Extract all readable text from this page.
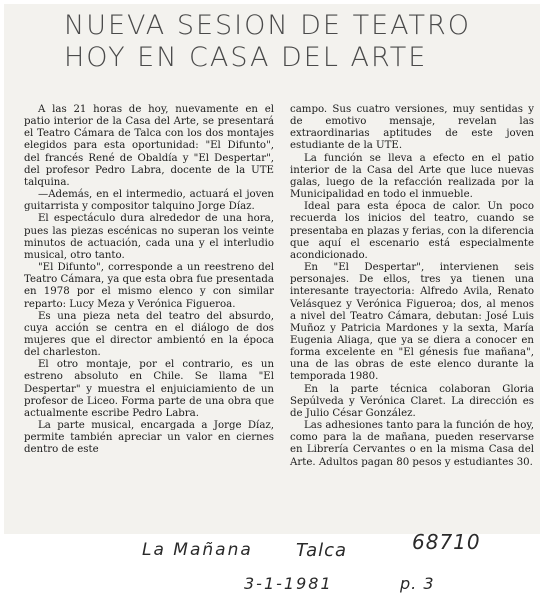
NUEVA SESION DE TEATRO
HOY EN CASA DEL ARTE

A las 21 horas de hoy, nuevamente en el patio interior de la Casa del Arte, se presentará el Teatro Cámara de Talca con los dos montajes elegidos para esta oportunidad: "El Difunto", del francés René de Obaldía y "El Despertar", del profesor Pedro Labra, docente de la UTE talquina.

—Además, en el intermedio, actuará el joven guitarrista y compositor talquino Jorge Díaz.

El espectáculo dura alrededor de una hora, pues las piezas escénicas no superan los veinte minutos de actuación, cada una y el interludio musical, otro tanto.

"El Difunto", corresponde a un reestreno del Teatro Cámara, ya que esta obra fue presentada en 1978 por el mismo elenco y con similar reparto: Lucy Meza y Verónica Figueroa.

Es una pieza neta del teatro del absurdo, cuya acción se centra en el diálogo de dos mujeres que el director ambientó en la época del charleston.

El otro montaje, por el contrario, es un estreno absoluto en Chile. Se llama "El Despertar" y muestra el enjuiciamiento de un profesor de Liceo. Forma parte de una obra que actualmente escribe Pedro Labra.

La parte musical, encargada a Jorge Díaz, permite también apreciar un valor en ciernes dentro de este

campo. Sus cuatro versiones, muy sentidas y de emotivo mensaje, revelan las extraordinarias aptitudes de este joven estudiante de la UTE.

La función se lleva a efecto en el patio interior de la Casa del Arte que luce nuevas galas, luego de la refacción realizada por la Municipalidad en todo el inmueble.

Ideal para esta época de calor. Un poco recuerda los inicios del teatro, cuando se presentaba en plazas y ferias, con la diferencia que aquí el escenario está especialmente acondicionado.

En "El Despertar", intervienen seis personajes. De ellos, tres ya tienen una interesante trayectoria: Alfredo Avila, Renato Velásquez y Verónica Figueroa; dos, al menos a nivel del Teatro Cámara, debutan: José Luis Muñoz y Patricia Mardones y la sexta, María Eugenia Aliaga, que ya se diera a conocer en forma excelente en "El génesis fue mañana", una de las obras de este elenco durante la temporada 1980.

En la parte técnica colaboran Gloria Sepúlveda y Verónica Claret. La dirección es de Julio César González.

Las adhesiones tanto para la función de hoy, como para la de mañana, pueden reservarse en Librería Cervantes o en la misma Casa del Arte. Adultos pagan 80 pesos y estudiantes 30.

La Mañana Talca	68710
3-1-1981	p. 3
